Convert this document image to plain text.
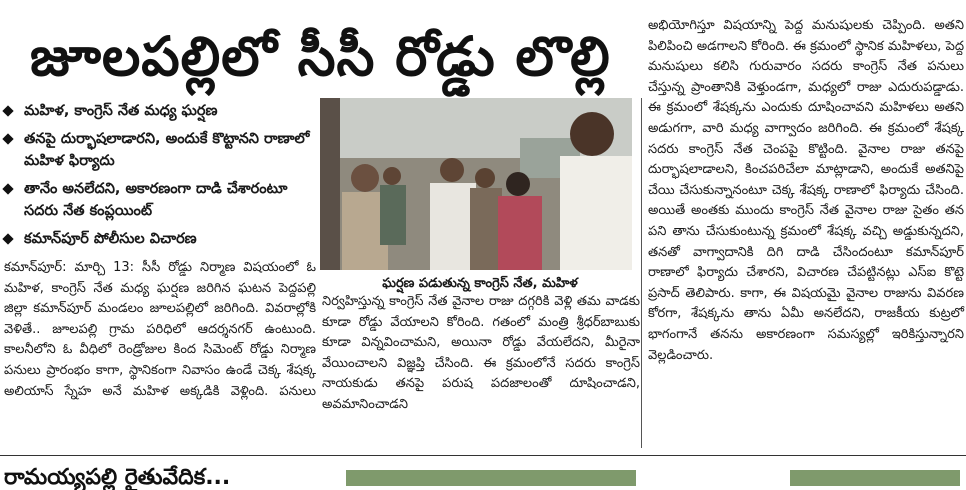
జూలపల్లిలో సీసీ రోడ్డు లొల్లి
మహిళ, కాంగ్రెస్ నేత మధ్య ఘర్షణ
తనపై దుర్భాషలాడారని, అందుకే కొట్టానని రాణాలో మహిళ ఫిర్యాదు
తానేం అనలేదని, అకారణంగా దాడి చేశారంటూ సదరు నేత కంప్లయింట్
కమాన్‌పూర్ పోలీసుల విచారణ

కమాన్‌పూర్: మార్చి 13: సీసీ రోడ్డు నిర్మాణ విషయంలో ఓ మహిళ, కాంగ్రెస్ నేత మధ్య ఘర్షణ జరిగిన ఘటన పెద్దపల్లి జిల్లా కమాన్‌పూర్ మండలం జూలపల్లిలో జరిగింది. వివరాల్లోకి వెళితే.. జూలపల్లి గ్రామ పరిధిలో ఆదర్శనగర్ ఉంటుంది. కాలనీలోని ఓ వీధిలో రెండ్రోజుల కింద సిమెంట్ రోడ్డు నిర్మాణ పనులు ప్రారంభం కాగా, స్థానికంగా నివాసం ఉండే చెక్క శేషక్క అలియాస్ స్నేహ అనే మహిళ అక్కడికి వెళ్లింది. పనులు

ఘర్షణ పడుతున్న కాంగ్రెస్ నేత, మహిళ

నిర్వహిస్తున్న కాంగ్రెస్ నేత వైనాల రాజు దగ్గరికి వెళ్లి తమ వాడకు కూడా రోడ్డు వేయాలని కోరింది. గతంలో మంత్రి శ్రీధర్‌బాబుకు కూడా విన్నవించామని, అయినా రోడ్డు వేయలేదని, మీరైనా వేయించాలని విజ్ఞప్తి చేసింది. ఈ క్రమంలోనే సదరు కాంగ్రెస్ నాయకుడు తనపై పరుష పదజాలంతో దూషించాడని, అవమానించాడని

అభియోగిస్తూ విషయాన్ని పెద్ద మనుషులకు చెప్పింది. అతని పిలిపించి అడగాలని కోరింది. ఈ క్రమంలో స్థానిక మహిళలు, పెద్ద మనుషులు కలిసి గురువారం సదరు కాంగ్రెస్ నేత పనులు చేస్తున్న ప్రాంతానికి వెళ్తుండగా, మధ్యలో రాజు ఎదురుపడ్డాడు. ఈ క్రమంలో శేషక్కను ఎందుకు దూషించావని మహిళలు అతని అడుగగా, వారి మధ్య వాగ్వాదం జరిగింది. ఈ క్రమంలో శేషక్క సదరు కాంగ్రెస్ నేత చెంపపై కొట్టింది. వైనాల రాజు తనపై దుర్భాషలాడాలని, కించపరిచేలా మాట్లాడాని, అందుకే అతనిపై చేయి చేసుకున్నానంటూ చెక్క శేషక్క రాణాలో ఫిర్యాదు చేసింది. అయితే అంతకు ముందు కాంగ్రెస్ నేత వైనాల రాజు సైతం తన పని తాను చేసుకుంటున్న క్రమంలో శేషక్క వచ్చి అడ్డుకున్నదని, తనతో వాగ్వాదానికి దిగి దాడి చేసిందంటూ కమాన్‌పూర్ రాణాలో ఫిర్యాదు చేశారని, విచారణ చేపట్టినట్లు ఎస్ఐ కొట్టె ప్రసాద్ తెలిపారు. కాగా, ఈ విషయమై వైనాల రాజును వివరణ కోరగా, శేషక్కను తాను ఏమీ అనలేదని, రాజకీయ కుట్రలో భాగంగానే తనను అకారణంగా సమస్యల్లో ఇరికిస్తున్నారని వెల్లడించారు.

రామయ్యపల్లి రైతువేదిక...
